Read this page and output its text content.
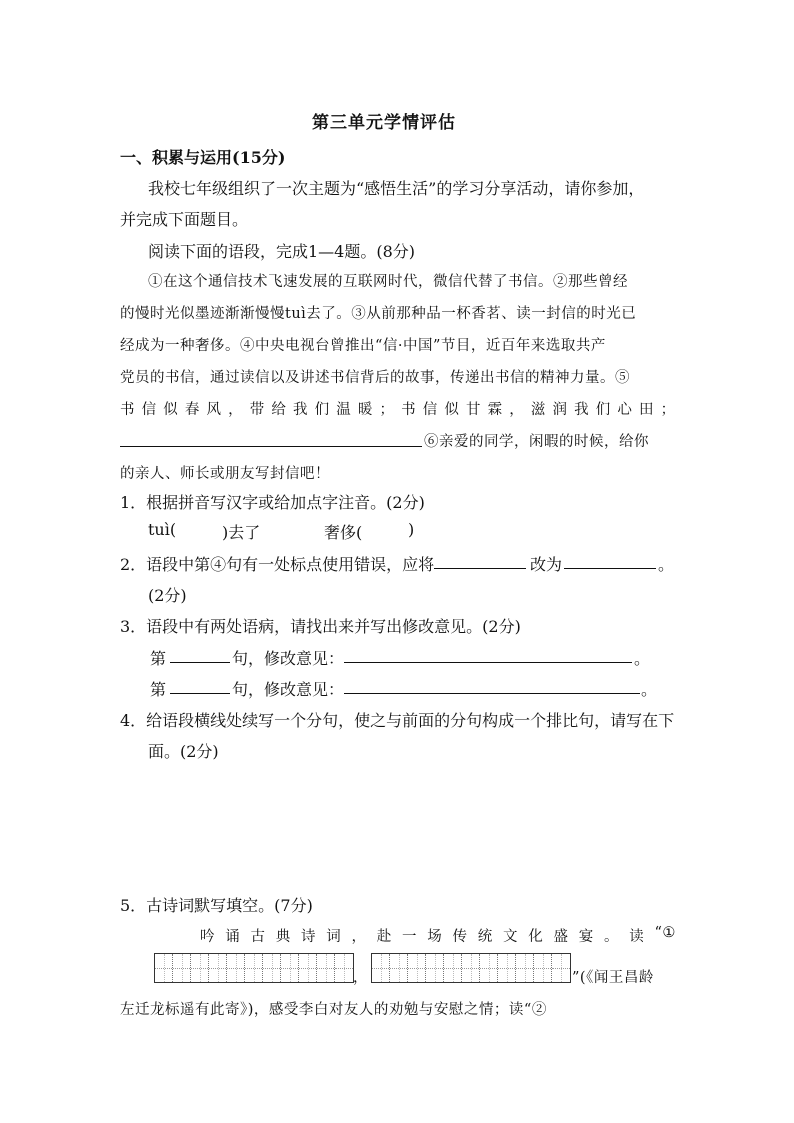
第三单元学情评估
一、积累与运用(15分)
我校七年级组织了一次主题为“感悟生活”的学习分享活动，请你参加，
并完成下面题目。
阅读下面的语段，完成1—4题。(8分)
①在这个通信技术飞速发展的互联网时代，微信代替了书信。②那些曾经
的慢时光似墨迹渐渐慢慢tuì去了。③从前那种品一杯香茗、读一封信的时光已
经成为一种奢侈。④中央电视台曾推出“信·中国”节目，近百年来选取共产
党员的书信，通过读信以及讲述书信背后的故事，传递出书信的精神力量。⑤
书 信 似 春 风 ， 带 给 我 们 温 暖 ； 书 信 似 甘 霖 ， 滋 润 我 们 心 田 ；
⑥亲爱的同学，闲暇的时候，给你
的亲人、师长或朋友写封信吧！
1．根据拼音写汉字或给加点字注音。(2分)
tuì(	)去了	奢侈(	)
2．语段中第④句有一处标点使用错误，应将	改为	。
(2分)
3．语段中有两处语病，请找出来并写出修改意见。(2分)
第	句，修改意见：	。
第	句，修改意见：	。
4．给语段横线处续写一个分句，使之与前面的分句构成一个排比句，请写在下
面。(2分)
5．古诗词默写填空。(7分)
吟 诵 古 典 诗 词 ， 赴 一 场 传 统 文 化 盛 宴 。 读 “①
，	”(《闻王昌龄
左迁龙标遥有此寄》)，感受李白对友人的劝勉与安慰之情；读“②
